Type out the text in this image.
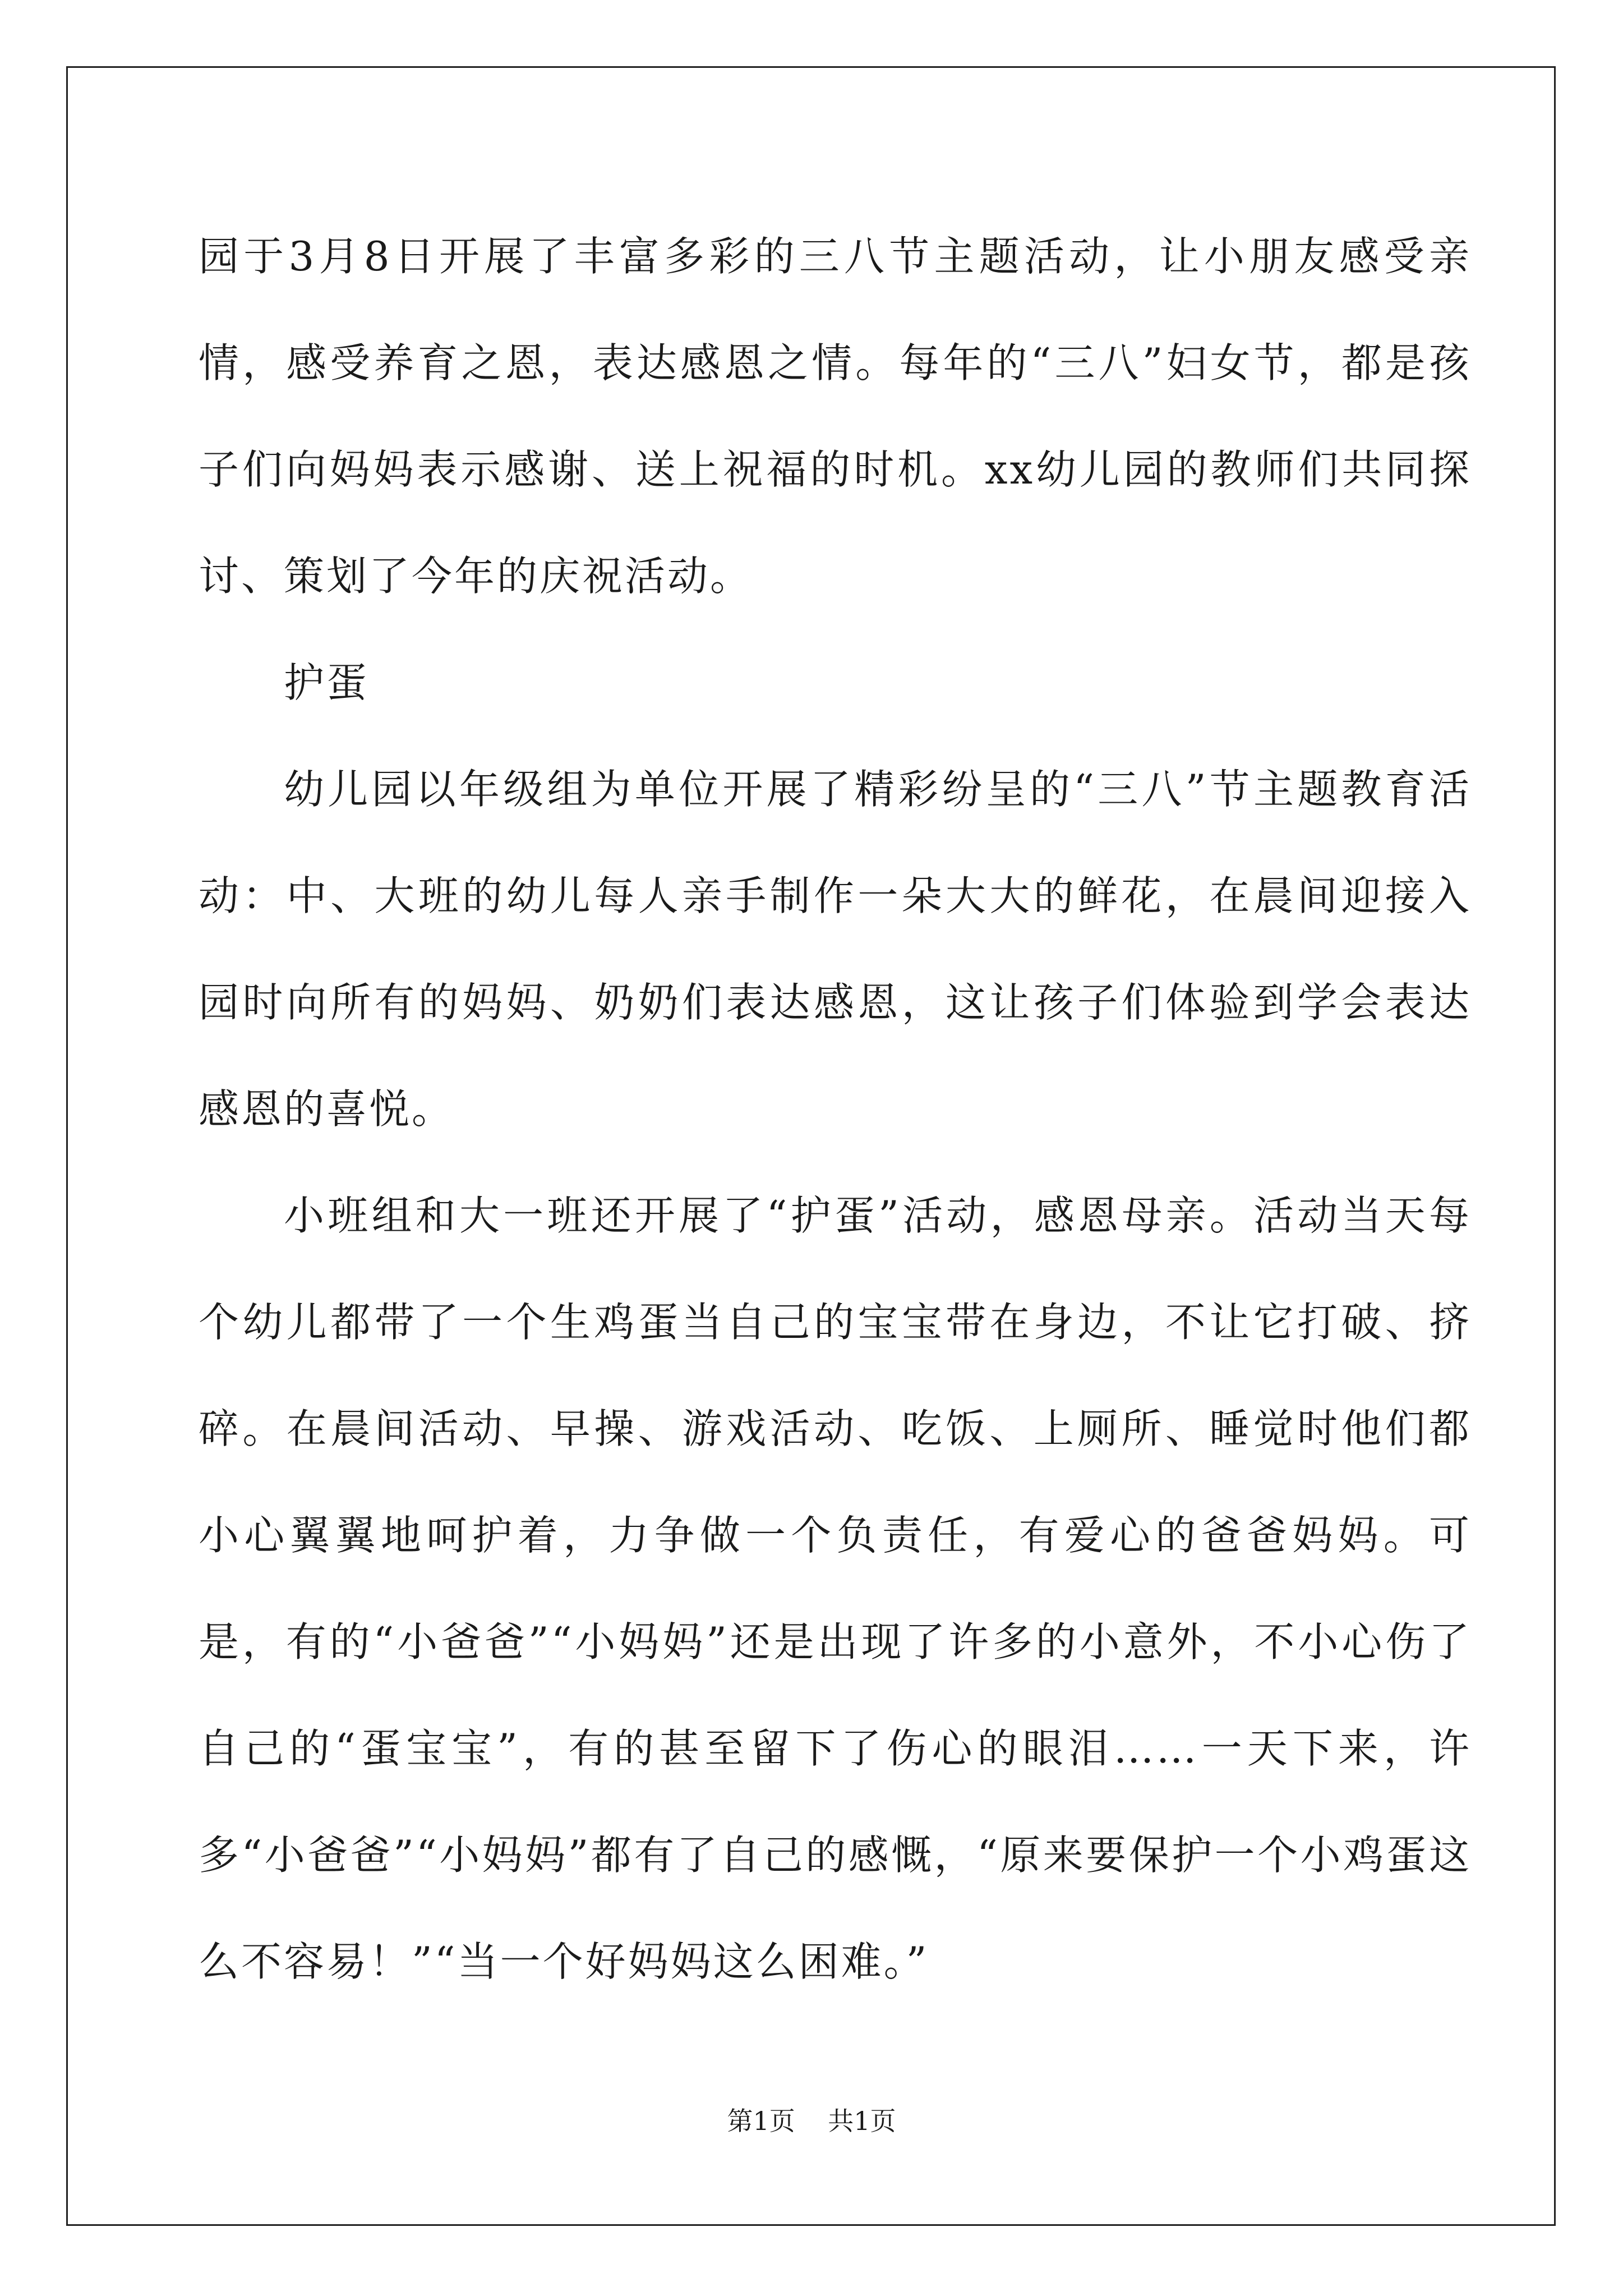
园于3月8日开展了丰富多彩的三八节主题活动，让小朋友感受亲情，感受养育之恩，表达感恩之情。每年的“三八”妇女节，都是孩子们向妈妈表示感谢、送上祝福的时机。xx幼儿园的教师们共同探讨、策划了今年的庆祝活动。

护蛋

幼儿园以年级组为单位开展了精彩纷呈的“三八”节主题教育活动：中、大班的幼儿每人亲手制作一朵大大的鲜花，在晨间迎接入园时向所有的妈妈、奶奶们表达感恩，这让孩子们体验到学会表达感恩的喜悦。

小班组和大一班还开展了“护蛋”活动，感恩母亲。活动当天每个幼儿都带了一个生鸡蛋当自己的宝宝带在身边，不让它打破、挤碎。在晨间活动、早操、游戏活动、吃饭、上厕所、睡觉时他们都小心翼翼地呵护着，力争做一个负责任，有爱心的爸爸妈妈。可是，有的“小爸爸”“小妈妈”还是出现了许多的小意外，不小心伤了自己的“蛋宝宝”，有的甚至留下了伤心的眼泪……一天下来，许多“小爸爸”“小妈妈”都有了自己的感慨，“原来要保护一个小鸡蛋这么不容易！”“当一个好妈妈这么困难。”

第1页    共1页
